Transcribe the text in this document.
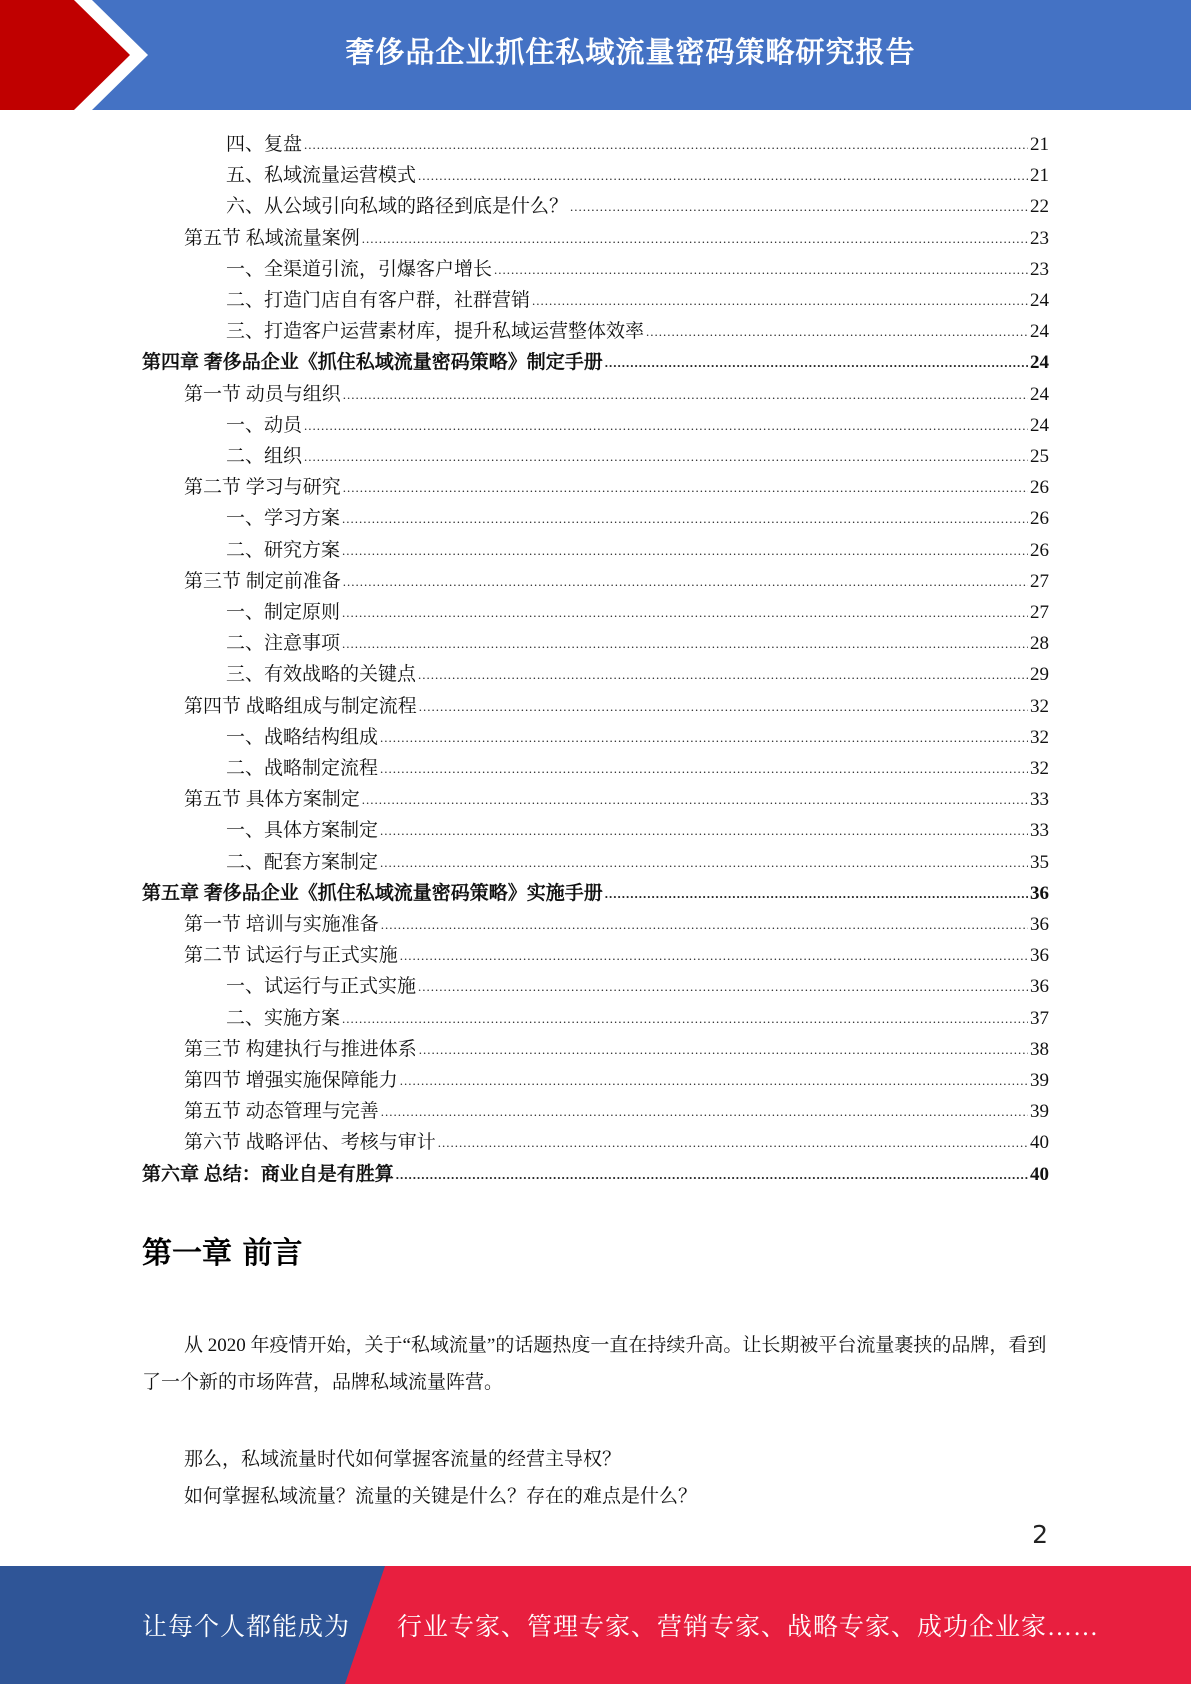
奢侈品企业抓住私域流量密码策略研究报告
四、复盘 .....	21
五、私域流量运营模式 .....	21
六、从公域引向私域的路径到底是什么？ .....	22
第五节 私域流量案例 .....	23
一、全渠道引流，引爆客户增长 .....	23
二、打造门店自有客户群，社群营销 .....	24
三、打造客户运营素材库，提升私域运营整体效率 .....	24
第四章 奢侈品企业《抓住私域流量密码策略》制定手册 .....	24
第一节 动员与组织 .....	24
一、动员 .....	24
二、组织 .....	25
第二节 学习与研究 .....	26
一、学习方案 .....	26
二、研究方案 .....	26
第三节 制定前准备 .....	27
一、制定原则 .....	27
二、注意事项 .....	28
三、有效战略的关键点 .....	29
第四节 战略组成与制定流程 .....	32
一、战略结构组成 .....	32
二、战略制定流程 .....	32
第五节 具体方案制定 .....	33
一、具体方案制定 .....	33
二、配套方案制定 .....	35
第五章 奢侈品企业《抓住私域流量密码策略》实施手册 .....	36
第一节 培训与实施准备 .....	36
第二节 试运行与正式实施 .....	36
一、试运行与正式实施 .....	36
二、实施方案 .....	37
第三节 构建执行与推进体系 .....	38
第四节 增强实施保障能力 .....	39
第五节 动态管理与完善 .....	39
第六节 战略评估、考核与审计 .....	40
第六章 总结：商业自是有胜算 .....	40
第一章 前言
从 2020 年疫情开始，关于“私域流量”的话题热度一直在持续升高。让长期被平台流量裹挟的品牌，看到了一个新的市场阵营，品牌私域流量阵营。
那么，私域流量时代如何掌握客流量的经营主导权？
如何掌握私域流量？流量的关键是什么？存在的难点是什么？
2
让每个人都能成为 行业专家、管理专家、营销专家、战略专家、成功企业家……
